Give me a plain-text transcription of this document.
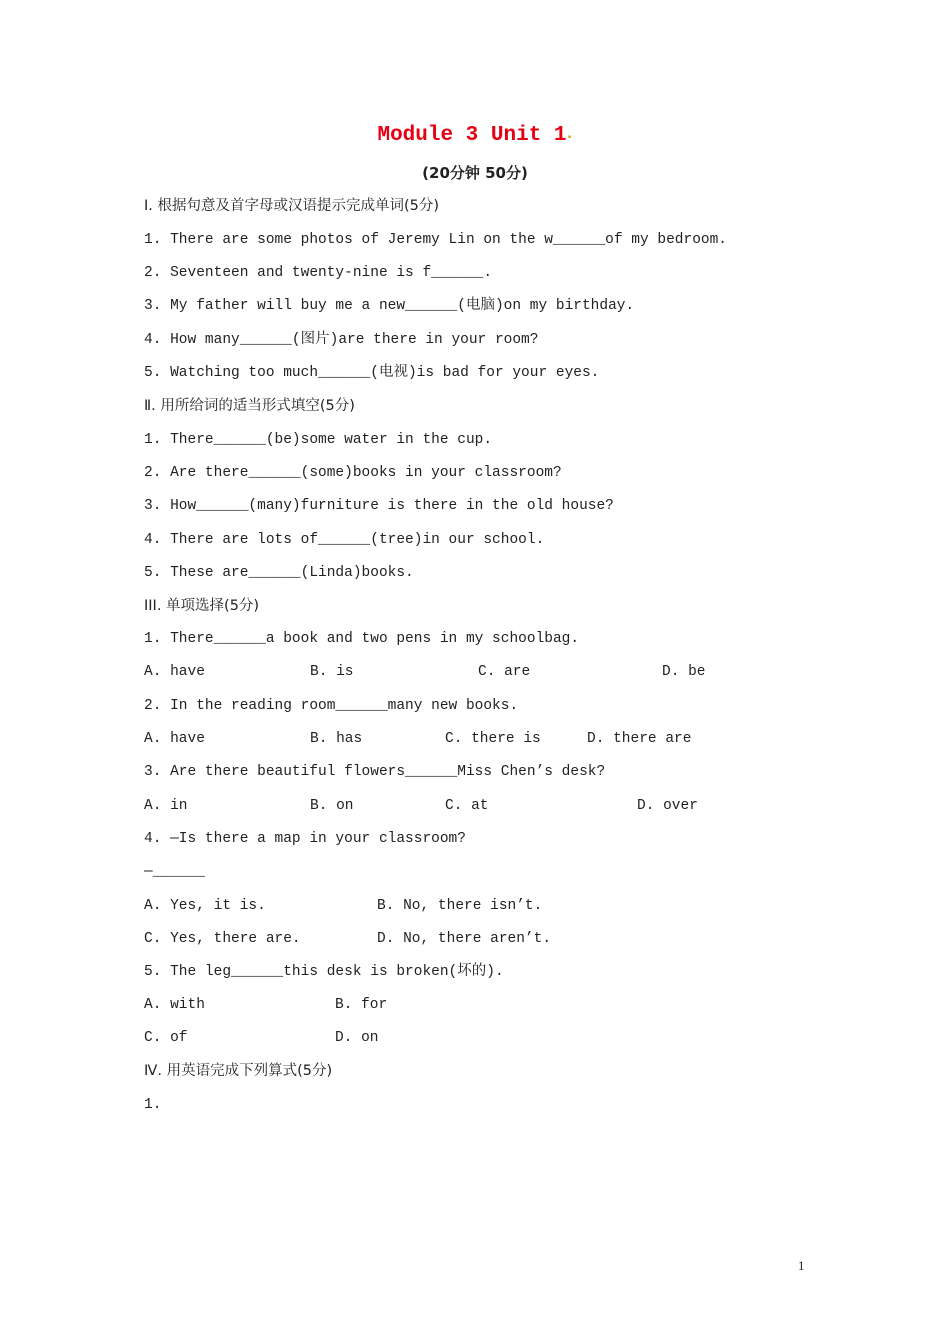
Module 3 Unit 1▪
(20分钟 50分)
Ⅰ. 根据句意及首字母或汉语提示完成单词(5分)
1. There are some photos of Jeremy Lin on the w______of my bedroom.
2. Seventeen and twenty-nine is f______.
3. My father will buy me a new______(电脑)on my birthday.
4. How many______(图片)are there in your room?
5. Watching too much______(电视)is bad for your eyes.
Ⅱ. 用所给词的适当形式填空(5分)
1. There______(be)some water in the cup.
2. Are there______(some)books in your classroom?
3. How______(many)furniture is there in the old house?
4. There are lots of______(tree)in our school.
5. These are______(Linda)books.
III. 单项选择(5分)
1. There______a book and two pens in my schoolbag.
A. have	B. is	C. are	D. be
2. In the reading room______many new books.
A. have	B. has	C. there is	D. there are
3. Are there beautiful flowers______Miss Chen’s desk?
A. in	B. on	C. at	D. over
4. —Is there a map in your classroom?
—______
A. Yes, it is.	B. No, there isn’t.
C. Yes, there are.	D. No, there aren’t.
5. The leg______this desk is broken(坏的).
A. with	B. for
C. of	D. on
Ⅳ. 用英语完成下列算式(5分)
1.
1
